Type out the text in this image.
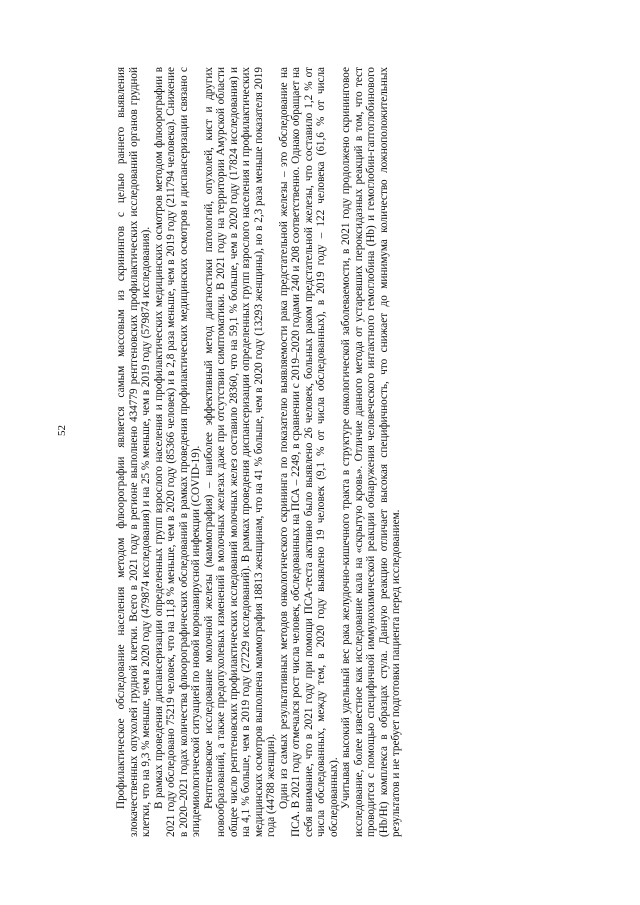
52	Профилактическое обследование населения методом флюорографии является самым массовым из скринингов с целью раннего выявления злокачественных опухолей грудной клетки. Всего в 2021 году в регионе выполнено 434779 рентгеновских профилактических исследований органов грудной клетки, что на 9,3 % меньше, чем в 2020 году (479874 исследования) и на 25 % меньше, чем в 2019 году (579874 исследования). В рамках проведения диспансеризации определенных групп взрослого населения и профилактических медицинских осмотров методом флюорографии в 2021 году обследовано 75219 человек, что на 11,8 % меньше, чем в 2020 году (85366 человек) и в 2,8 раза меньше, чем в 2019 году (211794 человека). Снижение в 2020–2021 годах количества флюорографических обследований в рамках проведения профилактических медицинских осмотров и диспансеризации связано с эпидемиологической ситуацией по новой коронавирусной инфекции (COVID-19). Рентгеновское исследование молочной железы (маммография) – наиболее эффективный метод диагностики патологий, опухолей, кист и других новообразований, а также предопухолевых изменений в молочных железах даже при отсутствии симптоматики. В 2021 году на территории Амурской области общее число рентгеновских профилактических исследований молочных желез составило 28360, что на 59,1 % больше, чем в 2020 году (17824 исследования) и на 4,1 % больше, чем в 2019 году (27229 исследований). В рамках проведения диспансеризации определенных групп взрослого населения и профилактических медицинских осмотров выполнена маммография 18813 женщинам, что на 41 % больше, чем в 2020 году (13293 женщины), но в 2,3 раза меньше показателя 2019 года (44788 женщин). Один из самых результативных методов онкологического скрининга по показателю выявляемости рака предстательной железы – это обследование на ПСА. В 2021 году отмечался рост числа человек, обследованных на ПСА – 2249, в сравнении с 2019–2020 годами 240 и 208 соответственно. Однако обращает на себя внимание, что в 2021 году при помощи ПСА-теста активно было выявлено 26 человек, больных раком предстательной железы, что составило 1,2 % от числа обследованных, между тем, в 2020 году выявлено 19 человек (9,1 % от числа обследованных), в 2019 году – 122 человека (61,6 % от числа обследованных). Учитывая высокий удельный вес рака желудочно-кишечного тракта в структуре онкологической заболеваемости, в 2021 году продолжено скрининговое исследование, более известное как исследование кала на «скрытую кровь». Отличие данного метода от устаревших пероксидазных реакций в том, что тест проводится с помощью специфичной иммунохимической реакции обнаружения человеческого интактного гемоглобина (Hb) и гемоглобин-гаптоглобинового (Hb/Ht) комплекса в образцах стула. Данную реакцию отличает высокая специфичность, что снижает до минимума количество ложноположительных результатов и не требует подготовки пациента перед исследованием.
